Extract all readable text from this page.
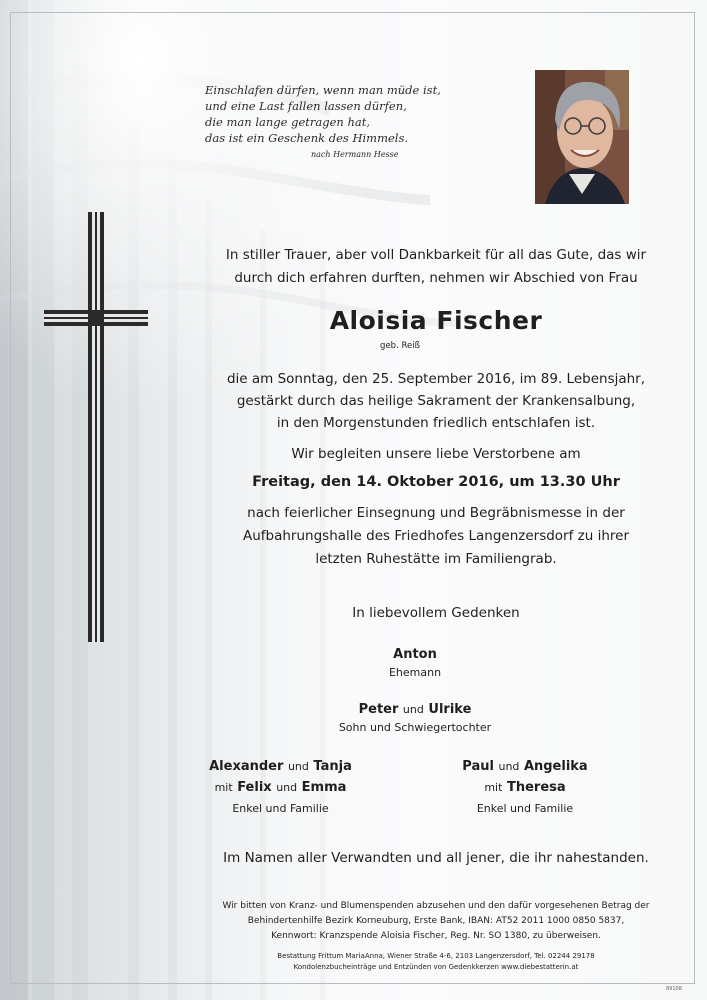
Einschlafen dürfen, wenn man müde ist,
und eine Last fallen lassen dürfen,
die man lange getragen hat,
das ist ein Geschenk des Himmels.
nach Hermann Hesse
In stiller Trauer, aber voll Dankbarkeit für all das Gute, das wir
durch dich erfahren durften, nehmen wir Abschied von Frau
Aloisia Fischer
geb. Reiß
die am Sonntag, den 25. September 2016, im 89. Lebensjahr,
gestärkt durch das heilige Sakrament der Krankensalbung,
in den Morgenstunden friedlich entschlafen ist.
Wir begleiten unsere liebe Verstorbene am
Freitag, den 14. Oktober 2016, um 13.30 Uhr
nach feierlicher Einsegnung und Begräbnismesse in der
Aufbahrungshalle des Friedhofes Langenzersdorf zu ihrer
letzten Ruhestätte im Familiengrab.
In liebevollem Gedenken
Anton
Ehemann
Peter und Ulrike
Sohn und Schwiegertochter
Alexander und Tanja
mit Felix und Emma
Enkel und Familie
Paul und Angelika
mit Theresa
Enkel und Familie
Im Namen aller Verwandten und all jener, die ihr nahestanden.
Wir bitten von Kranz- und Blumenspenden abzusehen und den dafür vorgesehenen Betrag der
Behindertenhilfe Bezirk Korneuburg, Erste Bank, IBAN: AT52 2011 1000 0850 5837,
Kennwort: Kranzspende Aloisia Fischer, Reg. Nr. SO 1380, zu überweisen.
Bestattung Frittum MariaAnna, Wiener Straße 4-6, 2103 Langenzersdorf, Tel. 02244 29178
Kondolenzbucheinträge und Entzünden von Gedenkkerzen www.diebestatterin.at
89108
